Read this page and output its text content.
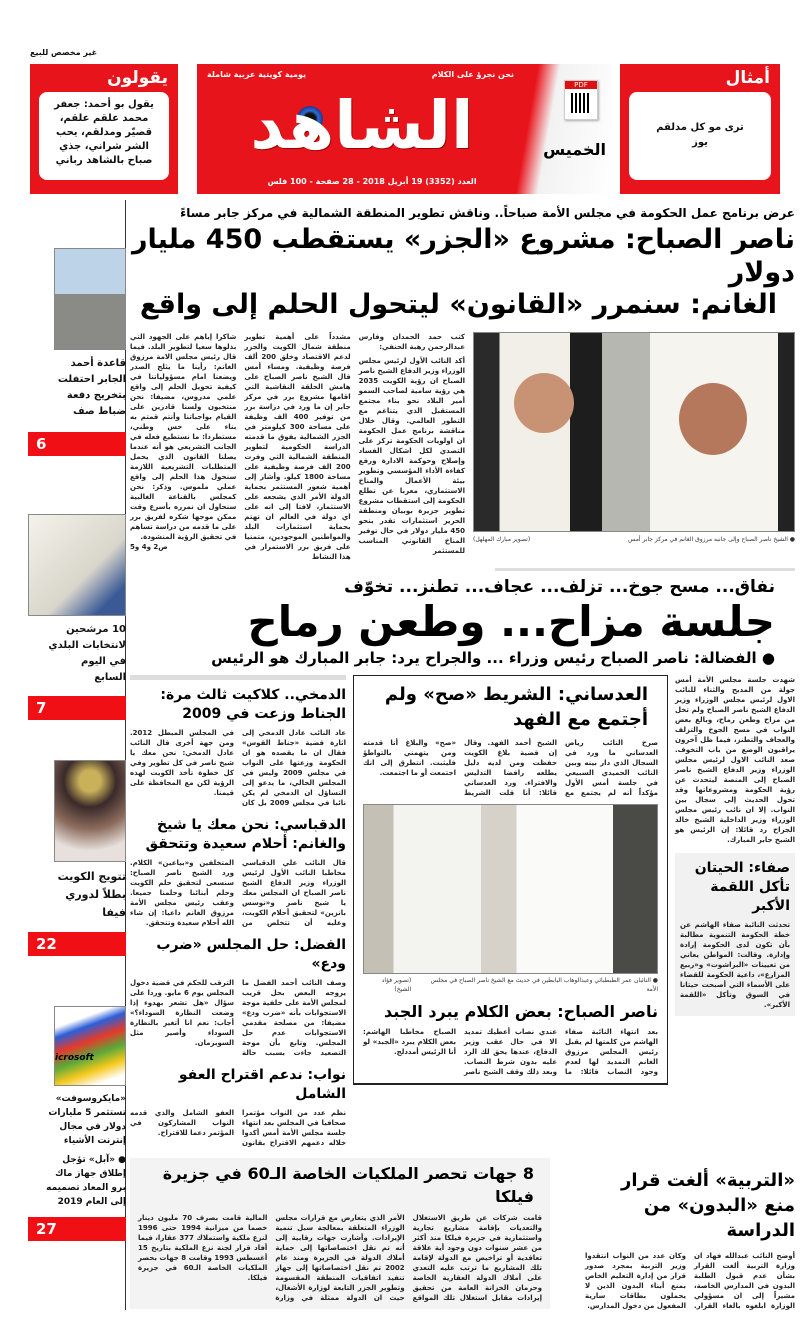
غير مخصص للبيع
يقولون
يقول بو أحمد: جعفر محمد علقم علقم، قصيّر ومدلقم، يحب الشر شراني، جذي صباح بالشاهد رباني
نحن نجرؤ على الكلام
يومية كويتية عربية شاملة
الشاهد
العدد (3352) 19 أبريل 2018 - 28 صفحة - 100 فلس
PDF
الخميس
أمثال
ترى مو كل مدلقم يوز
قاعدة أحمد الجابر احتفلت بتخريج دفعة ضباط صف
6
10 مرشحين لانتخابات البلدي في اليوم السابع
7
تتويج الكويت بطلاً لدوري فيفا
22
icrosoft
«مايكروسوفت» تستثمر 5 مليارات دولار في مجال إنترنت الأشياء
● «آبل» تؤجل إطلاق جهاز ماك برو المعاد تصميمه إلى العام 2019
27
عرض برنامج عمل الحكومة في مجلس الأمة صباحاً.. وناقش تطوير المنطقة الشمالية في مركز جابر مساءً
ناصر الصباح: مشروع «الجزر» يستقطب 450 مليار دولار
الغانم: سنمرر «القانون» ليتحول الحلم إلى واقع
● الشيخ ناصر الصباح وإلى جانبه مرزوق الغانم في مركز جابر أمس
(تصوير مبارك المهلهل)
كتب حمد الحمدان وفارس عبدالرحمن رهبة الحنفي:
أكد النائب الأول لرئيس مجلس الوزراء وزير الدفاع الشيخ ناصر الصباح ان رؤية الكويت 2035 هي رؤية سامية لصاحب السمو أمير البلاد نحو بناء مجتمع المستقبل الذي يتناغم مع التطور العالمي. وقال خلال مناقشة برنامج عمل الحكومة ان اولويات الحكومة تركز على التصدي لكل اشكال الفساد وإصلاح وحوكمة الادارة ورفع كفاءة الأداء المؤسسي وتطوير بيئة الأعمال والمناخ الاستثماري، معربا عن تطلع الحكومة إلى استقطاب مشروع تطوير جزيرة بوبيان ومنطقة الحرير استثمارات تقدر بنحو 450 مليار دولار في حال توفير المناخ القانوني المناسب للمستثمر
مشدداً على أهمية تطوير منطقة شمال الكويت والجزر لدعم الاقتصاد وخلق 200 ألف فرصة وظيفية. ومساء أمس قال الشيخ ناصر الصباح على هامش الحلقة النقاشية التي اقامها مشروع برر في مركز جابر إن ما ورد في دراسة برر من توفير 400 الف وظيفة على مساحة 300 كيلومتر في الجزر الشمالية يفوق ما قدمته الدراسة الحكومية لتطوير المنطقة الشمالية التي وفرت 200 الف فرصة وظيفية على مساحة 1800 كيلو. وأشار إلى أهمية شعور المستثمر بحماية الدولة الأمر الذي يشجعه على الاستثمار، لافتا إلى انه على اي دولة في العالم ان تهتم بحماية استثمارات البلد والمواطنين الموجودين، متمنيا على فريق برر الاستمرار في هذا النشاط
شاكرا إياهم على الجهود التي بذلوها سعيا لتطوير البلد. فيما قال رئيس مجلس الامة مرزوق الغانم: رأينا ما يثلج الصدر ويضعنا امام مسؤولياتنا في كيفية تحويل الحلم إلى واقع علمي مدروس، مضيفا: نحن منتخبون ولسنا قادرين على القيام بواجباتنا وأنتم قمتم به بناء على حس وطني، مستطردا: ما نستطيع فعله في الجانب التشريعي هو أنه عندما يصلنا القانون الذي يحمل المتطلبات التشريعية اللازمة سنحول هذا الحلم إلى واقع عملي ملموس. وذكر: نحن كمجلس بالقناعة الغالبية سنحاول ان نمرره بأسرع وقت ممكن موجها شكره لفريق برر على ما قدمه من دراسة تساهم في تحقيق الرؤية المنشودة.
ص2 و4 و5
نفاق... مسح جوخ... تزلف... عجاف... تطنز... تخوّف
جلسة مزاح... وطعن رماح
● الفضالة: ناصر الصباح رئيس وزراء ... والجراح يرد: جابر المبارك هو الرئيس
شهدت جلسة مجلس الأمة أمس جولة من المديح والثناء للنائب الاول لرئيس مجلس الوزراء وزير الدفاع الشيخ ناصر الصباح ولم تخل من مزاح وطعن رماح، وبالغ بعض النواب في مسح الجوخ والتزلف والعجاف والتطنز، فيما ظل آخرون يراقبون الوضع من باب التخوف. صعد النائب الاول لرئيس مجلس الوزراء وزير الدفاع الشيخ ناصر الصباح إلى المنصة ليتحدث عن رؤية الحكومة ومشروعاتها وقد تحول الحديث إلى سجال بين النواب. إلا ان نائب رئيس مجلس الوزراء وزير الداخلية الشيخ خالد الجراح رد قائلا: إن الرئيس هو الشيخ جابر المبارك.
صفاء: الحيتان تأكل اللقمة الأكبر
تحدثت النائبة صفاء الهاشم عن خطة الحكومة التنموية مطالبة بأن تكون لدى الحكومة إرادة وإدارة. وقالت: المواطن يعاني من تعيينات «البراشوت» و«ربيع المزارع»، داعية الحكومة للقضاء على الأسماء التي أصبحت حيتانا في السوق وتأكل «اللقمة الأكبر».
العدساني: الشريط «صح» ولم أجتمع مع الفهد
صرح النائب رياض العدساني ما ورد في السجال الذي دار بينه وبين النائب الحميدي السبيعي في جلسة أمس الأول مؤكداً أنه لم يجتمع مع الشيخ أحمد الفهد. وقال إن قضية بلاغ الكويت حفظت ومن لديه دليل يطلعه رافضا التدليس والافتراء. ورد العدساني قائلا: أنا قلت الشريط «صح» والبلاغ أنا قدمته ومن يتهمني بالتواطؤ فليثبت. انتطرق إلى انك اجتمعت أو ما اجتمعت.
● النائبان عمر الطبطبائي وعبدالوهاب البابطين في حديث مع الشيخ ناصر الصباح في مجلس الأمة
(تصوير فؤاد الشيخ)
ناصر الصباح: بعض الكلام يبرد الجبد
بعد انتهاء النائبة صفاء الهاشم من كلمتها لم يقبل رئيس المجلس مرزوق الغانم التمديد لها لعدم وجود النصاب قائلا: ما عندي نصاب أعطيك تمديد الا في حال عقب وزير الدفاع، عندها يحق لك الرد عليه بدون شرط النصاب. وبعد ذلك وقف الشيخ ناصر الصباح مخاطبا الهاشم: بعض الكلام يبرد «الجبد» لو أنا الرئيس أمددلج.
الدمخي.. كلاكيت ثالث مرة: الجناط وزعت في 2009
عاد النائب عادل الدمخي إلى اثارة قضية «جناط القوس» فقال ان ما يقصده هو ان الحكومة وزعتها على النواب في مجلس 2009 وليس في المجلس الحالي، ما يدعو إلى التساؤل ان الدمخي لم يكن نائبا في مجلس 2009 بل كان في المجلس المبطل 2012. ومن جهة أخرى قال النائب عادل الدمخي: نحن معك يا شيخ ناصر في كل تطوير وفي كل خطوة تأخذ الكويت لهذه الرؤية لكن مع المحافظة على قيمنا.
الدقباسي: نحن معك يا شيخ والغانم: أحلام سعيدة وتتحقق
قال النائب علي الدقباسي مخاطبا النائب الأول لرئيس الوزراء وزير الدفاع الشيخ ناصر الصباح ان المجلس معك يا شيخ ناصر و«نوسس بانزين» لتحقيق أحلام الكويت، وعليه أن تتخلص من المتخلفين و«بياعين» الكلام. ورد الشيخ ناصر الصباح: سنسعى لتحقيق حلم الكويت وحلم أبنائنا وحلمنا جميعا. وعقب رئيس مجلس الأمة مرزوق الغانم داعيا: إن شاء الله أحلام سعيدة وتتحقق.
الفضل: حل المجلس «ضرب ودع»
وصف النائب أحمد الفضل ما يروجه البعض بحل قريب لمجلس الأمة على خلفية موجة الاستجوابات بأنه «ضرب ودع» مضيفا: من مصلحة مقدمي الاستجوابات عدم حل المجلس. وتابع بأن موجة التصعيد جاءت بسبب حالة الترقب للحكم في قضية دخول المجلس يوم 6 مايو. وردا على سؤال «هل تشعر بهدوء إذا وضعت النظارة السوداء؟» أجاب: نعم انا أتغير بالنظارة السوداء وأصير مثل السوبرمان.
نواب: ندعم اقتراح العفو الشامل
نظم عدد من النواب مؤتمرا صحافيا في المجلس بعد انتهاء جلسة مجلس الأمة أمس أكدوا خلاله دعمهم الاقتراح بقانون العفو الشامل والذي قدمه النواب المشاركون في المؤتمر دعما للاقتراح.
«التربية» ألغت قرار منع «البدون» من الدراسة
أوضح النائب عبدالله فهاد ان وزارة التربية ألغت القرار بشأن عدم قبول الطلبة البدون في المدارس الخاصة، مشيراً إلى ان مسؤولي الوزارة ابلغوه بالغاء القرار. وكان عدد من النواب انتقدوا وزير التربية بمجرد صدور قرار من إدارة التعليم الخاص بمنع أبناء البدون الذين لا يحملون بطاقات سارية المفعول من دخول المدارس.
8 جهات تحصر الملكيات الخاصة الـ60 في جزيرة فيلكا
قامت شركات عن طريق الاستغلال والتعديات بإقامة مشاريع تجارية واستثمارية في جزيرة فيلكا منذ أكثر من عشر سنوات دون وجود أية علاقة تعاقدية أو تراخيص مع الدولة لإقامة تلك المشاريع ما ترتب عليه التعدي على أملاك الدولة العقارية الخاصة وحرمان الخزانة العامة من تحقيق إيرادات مقابل استغلال تلك المواقع الأمر الذي يتعارض مع قرارات مجلس الوزراء المتعلقة بمعالجة سبل تنمية الإيرادات. وأشارت جهات رقابية إلى أنه تم نقل اختصاصاتها إلى حماية أملاك الدولة في الجزيرة ومنذ عام 2002 تم نقل اختصاصاتها إلى جهاز تنفيذ اتفاقيات المنطقة المقسومة وتطوير الجزر التابعة لوزارة الأشغال، حيث ان الدولة ممثلة في وزارة المالية قامت بصرف 70 مليون دينار خصما من ميزانية 1994 حتى 1996 لنزع ملكية واستملاك 377 عقارا، فيما أفاد قرار لجنة نزع الملكية بتاريخ 15 أغسطس 1993 وقامت 8 جهات بحصر الملكيات الخاصة الـ60 في جزيرة فيلكا.
